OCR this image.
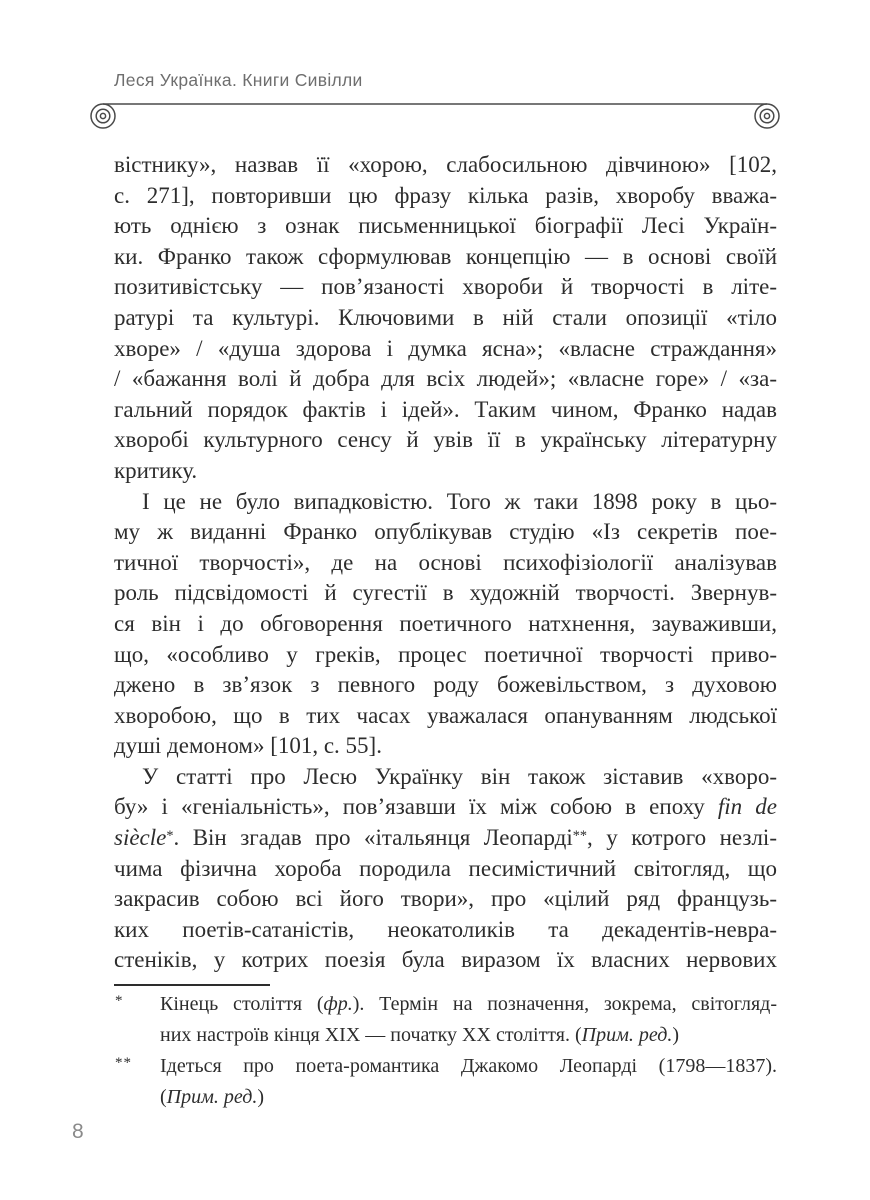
Леся Українка. Книги Сивілли
вістнику», назвав її «хорою, слабосильною дівчиною» [102,
с. 271], повторивши цю фразу кілька разів, хворобу вважа-
ють однією з ознак письменницької біографії Лесі Україн-
ки. Франко також сформулював концепцію — в основі своїй
позитивістську — пов’язаності хвороби й творчості в літе-
ратурі та культурі. Ключовими в ній стали опозиції «тіло
хворе» / «душа здорова і думка ясна»; «власне страждання»
/ «бажання волі й добра для всіх людей»; «власне горе» / «за-
гальний порядок фактів і ідей». Таким чином, Франко надав
хворобі культурного сенсу й увів її в українську літературну
критику.
І це не було випадковістю. Того ж таки 1898 року в цьо-
му ж виданні Франко опублікував студію «Із секретів пое-
тичної творчості», де на основі психофізіології аналізував
роль підсвідомості й сугестії в художній творчості. Звернув-
ся він і до обговорення поетичного натхнення, зауваживши,
що, «особливо у греків, процес поетичної творчості приво-
джено в зв’язок з певного роду божевільством, з духовою
хворобою, що в тих часах уважалася опануванням людської
душі демоном» [101, с. 55].
У статті про Лесю Українку він також зіставив «хворо-
бу» і «геніальність», пов’язавши їх між собою в епоху fin de
siècle*. Він згадав про «італьянця Леопарді**, у котрого незлі-
чима фізична хороба породила песимістичний світогляд, що
закрасив собою всі його твори», про «цілий ряд французь-
ких поетів-сатаністів, неокатоликів та декадентів-невра-
стеніків, у котрих поезія була виразом їх власних нервових
* Кінець століття (фр.). Термін на позначення, зокрема, світогляд-
них настроїв кінця XIX — початку XX століття. (Прим. ред.)
** Ідеться про поета-романтика Джакомо Леопарді (1798—1837).
(Прим. ред.)
8
